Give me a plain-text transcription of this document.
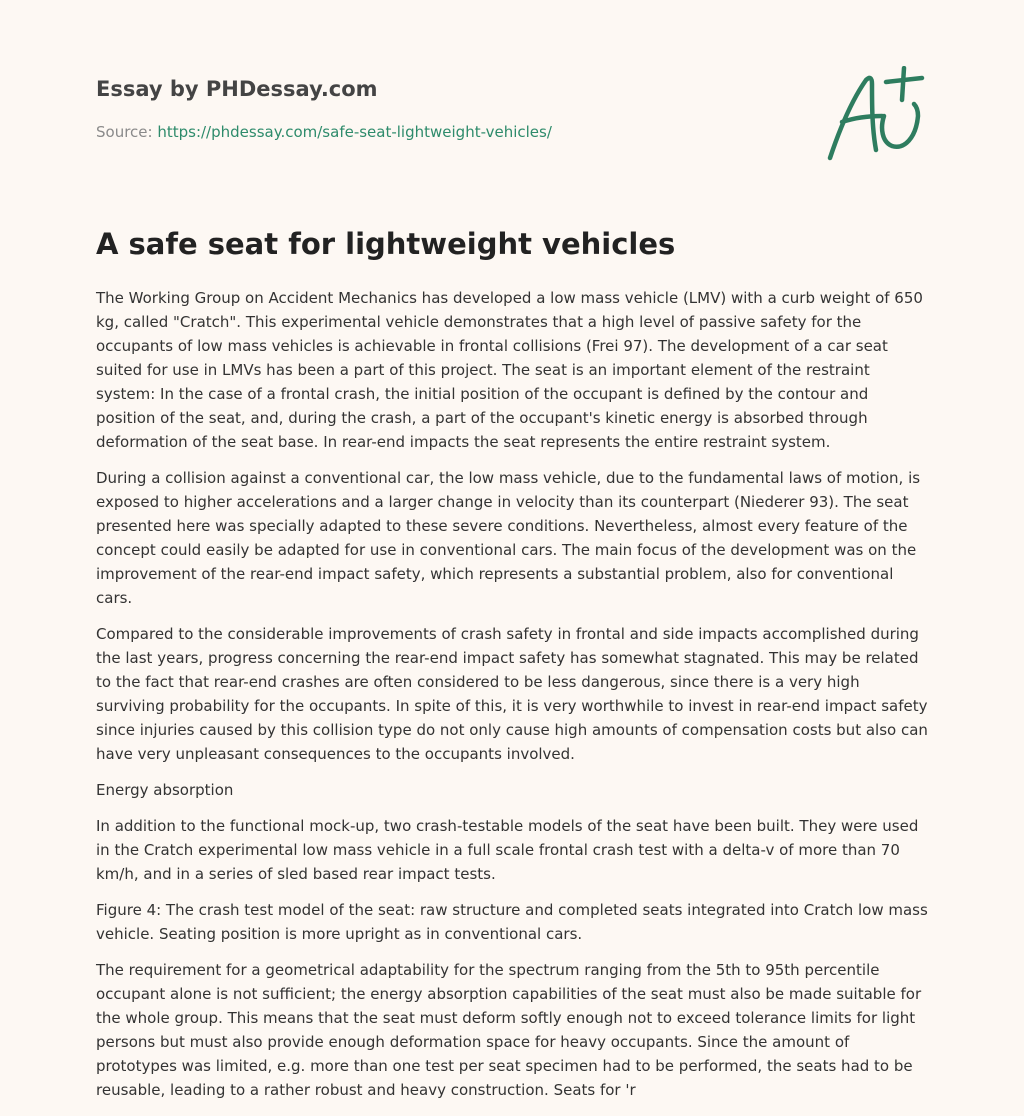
Essay by PHDessay.com
Source: https://phdessay.com/safe-seat-lightweight-vehicles/
A safe seat for lightweight vehicles

The Working Group on Accident Mechanics has developed a low mass vehicle (LMV) with a curb weight of 650 kg, called "Cratch". This experimental vehicle demonstrates that a high level of passive safety for the occupants of low mass vehicles is achievable in frontal collisions (Frei 97). The development of a car seat suited for use in LMVs has been a part of this project. The seat is an important element of the restraint system: In the case of a frontal crash, the initial position of the occupant is defined by the contour and position of the seat, and, during the crash, a part of the occupant's kinetic energy is absorbed through deformation of the seat base. In rear-end impacts the seat represents the entire restraint system.

During a collision against a conventional car, the low mass vehicle, due to the fundamental laws of motion, is exposed to higher accelerations and a larger change in velocity than its counterpart (Niederer 93). The seat presented here was specially adapted to these severe conditions. Nevertheless, almost every feature of the concept could easily be adapted for use in conventional cars. The main focus of the development was on the improvement of the rear-end impact safety, which represents a substantial problem, also for conventional cars.

Compared to the considerable improvements of crash safety in frontal and side impacts accomplished during the last years, progress concerning the rear-end impact safety has somewhat stagnated. This may be related to the fact that rear-end crashes are often considered to be less dangerous, since there is a very high surviving probability for the occupants. In spite of this, it is very worthwhile to invest in rear-end impact safety since injuries caused by this collision type do not only cause high amounts of compensation costs but also can have very unpleasant consequences to the occupants involved.

Energy absorption

In addition to the functional mock-up, two crash-testable models of the seat have been built. They were used in the Cratch experimental low mass vehicle in a full scale frontal crash test with a delta-v of more than 70 km/h, and in a series of sled based rear impact tests.

Figure 4: The crash test model of the seat: raw structure and completed seats integrated into Cratch low mass vehicle. Seating position is more upright as in conventional cars.

The requirement for a geometrical adaptability for the spectrum ranging from the 5th to 95th percentile occupant alone is not sufficient; the energy absorption capabilities of the seat must also be made suitable for the whole group. This means that the seat must deform softly enough not to exceed tolerance limits for light persons but must also provide enough deformation space for heavy occupants. Since the amount of prototypes was limited, e.g. more than one test per seat specimen had to be performed, the seats had to be reusable, leading to a rather robust and heavy construction. Seats for 'r
